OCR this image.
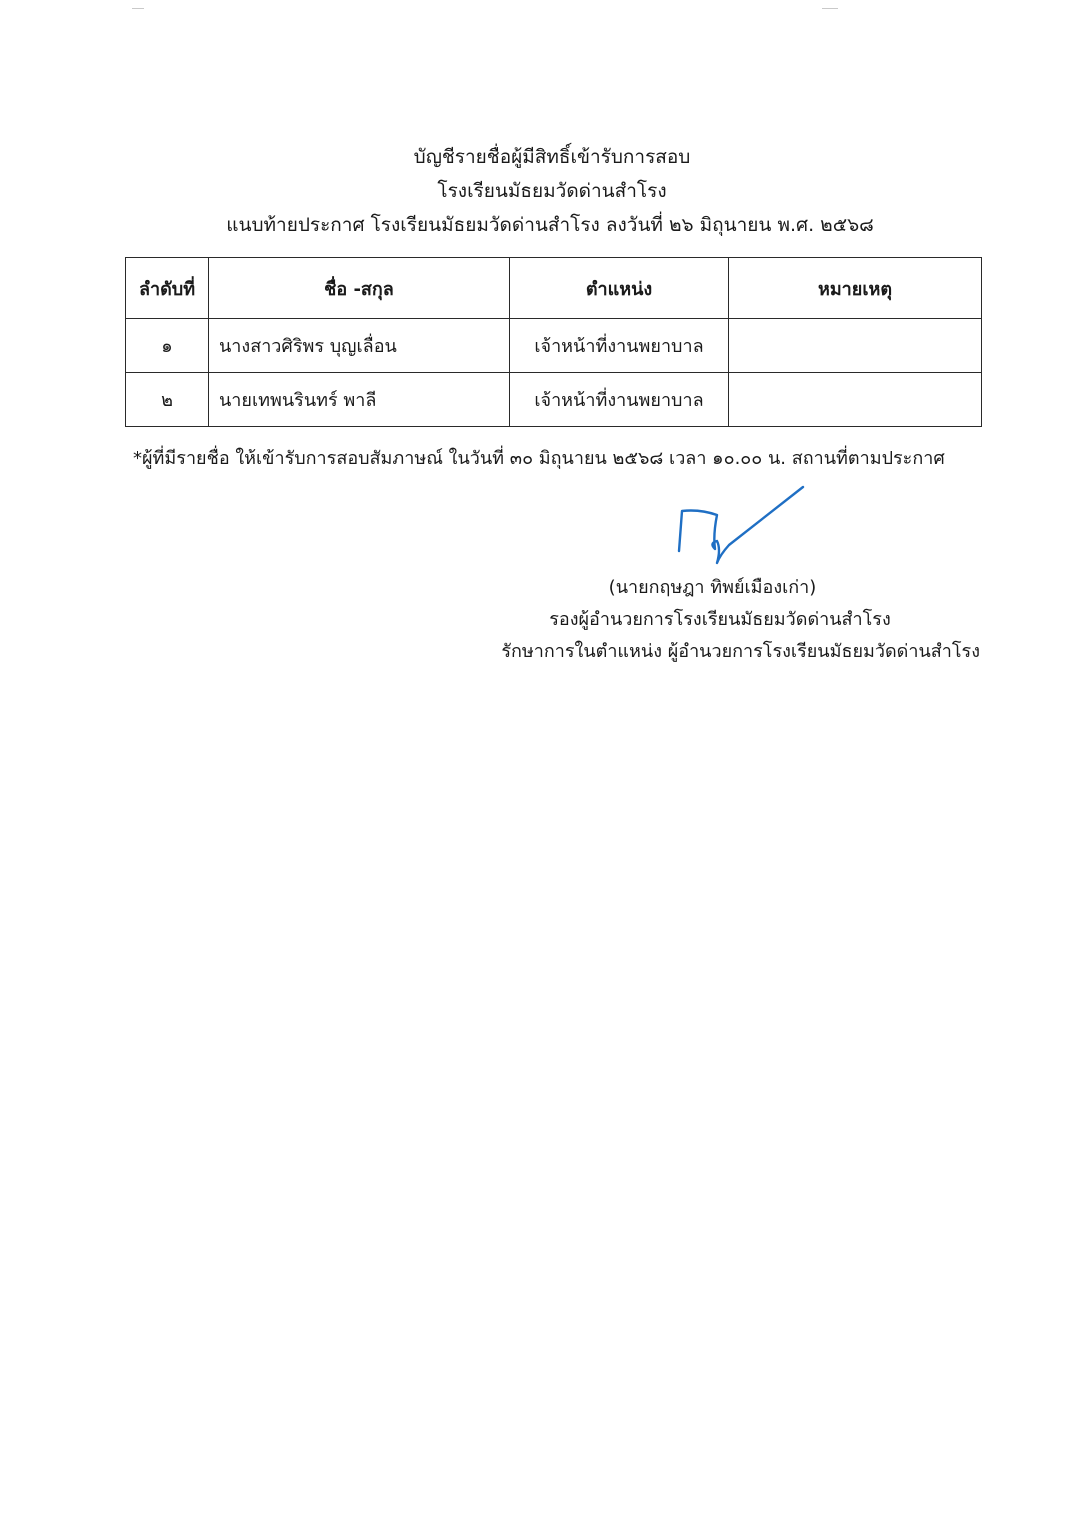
บัญชีรายชื่อผู้มีสิทธิ์เข้ารับการสอบ
โรงเรียนมัธยมวัดด่านสำโรง
แนบท้ายประกาศ โรงเรียนมัธยมวัดด่านสำโรง ลงวันที่ ๒๖ มิถุนายน พ.ศ. ๒๕๖๘
ลำดับที่	ชื่อ -สกุล	ตำแหน่ง	หมายเหตุ
๑	นางสาวศิริพร บุญเลื่อน	เจ้าหน้าที่งานพยาบาล	
๒	นายเทพนรินทร์ พาลี	เจ้าหน้าที่งานพยาบาล	
*ผู้ที่มีรายชื่อ ให้เข้ารับการสอบสัมภาษณ์ ในวันที่ ๓๐ มิถุนายน ๒๕๖๘ เวลา ๑๐.๐๐ น. สถานที่ตามประกาศ
(นายกฤษฎา ทิพย์เมืองเก่า)
รองผู้อำนวยการโรงเรียนมัธยมวัดด่านสำโรง
รักษาการในตำแหน่ง ผู้อำนวยการโรงเรียนมัธยมวัดด่านสำโรง
